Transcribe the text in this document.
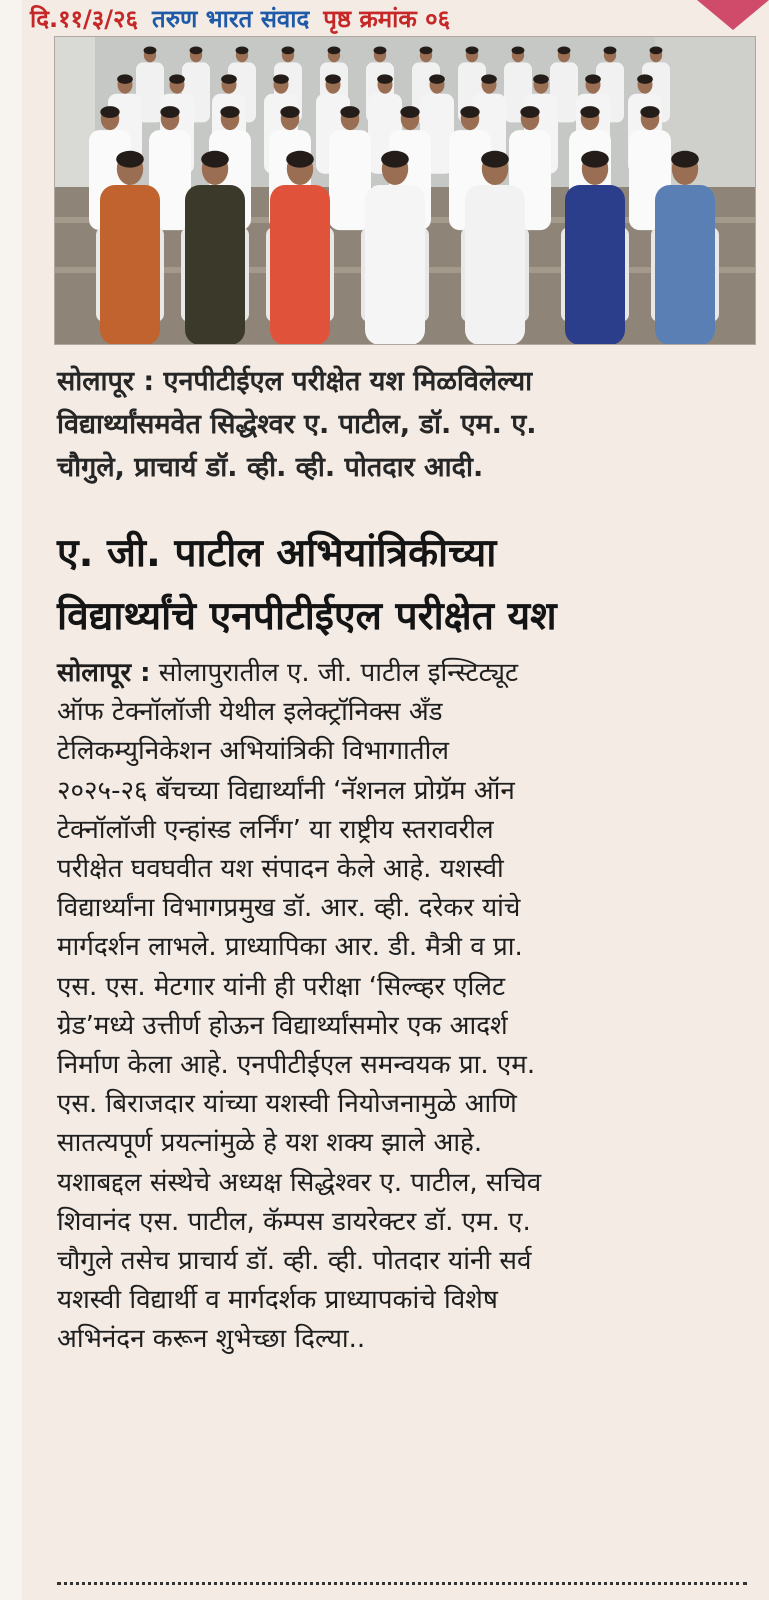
दि.११/३/२६ तरुण भारत संवाद पृष्ठ क्रमांक ०६
सोलापूर : एनपीटीईएल परीक्षेत यश मिळविलेल्या
विद्यार्थ्यांसमवेत सिद्धेश्वर ए. पाटील, डॉ. एम. ए.
चौगुले, प्राचार्य डॉ. व्ही. व्ही. पोतदार आदी.
ए. जी. पाटील अभियांत्रिकीच्या
विद्यार्थ्यांचे एनपीटीईएल परीक्षेत यश
सोलापूर : सोलापुरातील ए. जी. पाटील इन्स्टिट्यूट
ऑफ टेक्नॉलॉजी येथील इलेक्ट्रॉनिक्स अँड
टेलिकम्युनिकेशन अभियांत्रिकी विभागातील
२०२५-२६ बॅचच्या विद्यार्थ्यांनी ‘नॅशनल प्रोग्रॅम ऑन
टेक्नॉलॉजी एन्हांस्ड लर्निंग’ या राष्ट्रीय स्तरावरील
परीक्षेत घवघवीत यश संपादन केले आहे. यशस्वी
विद्यार्थ्यांना विभागप्रमुख डॉ. आर. व्ही. दरेकर यांचे
मार्गदर्शन लाभले. प्राध्यापिका आर. डी. मैत्री व प्रा.
एस. एस. मेटगार यांनी ही परीक्षा ‘सिल्व्हर एलिट
ग्रेड’मध्ये उत्तीर्ण होऊन विद्यार्थ्यांसमोर एक आदर्श
निर्माण केला आहे. एनपीटीईएल समन्वयक प्रा. एम.
एस. बिराजदार यांच्या यशस्वी नियोजनामुळे आणि
सातत्यपूर्ण प्रयत्नांमुळे हे यश शक्य झाले आहे.
यशाबद्दल संस्थेचे अध्यक्ष सिद्धेश्वर ए. पाटील, सचिव
शिवानंद एस. पाटील, कॅम्पस डायरेक्टर डॉ. एम. ए.
चौगुले तसेच प्राचार्य डॉ. व्ही. व्ही. पोतदार यांनी सर्व
यशस्वी विद्यार्थी व मार्गदर्शक प्राध्यापकांचे विशेष
अभिनंदन करून शुभेच्छा दिल्या..
